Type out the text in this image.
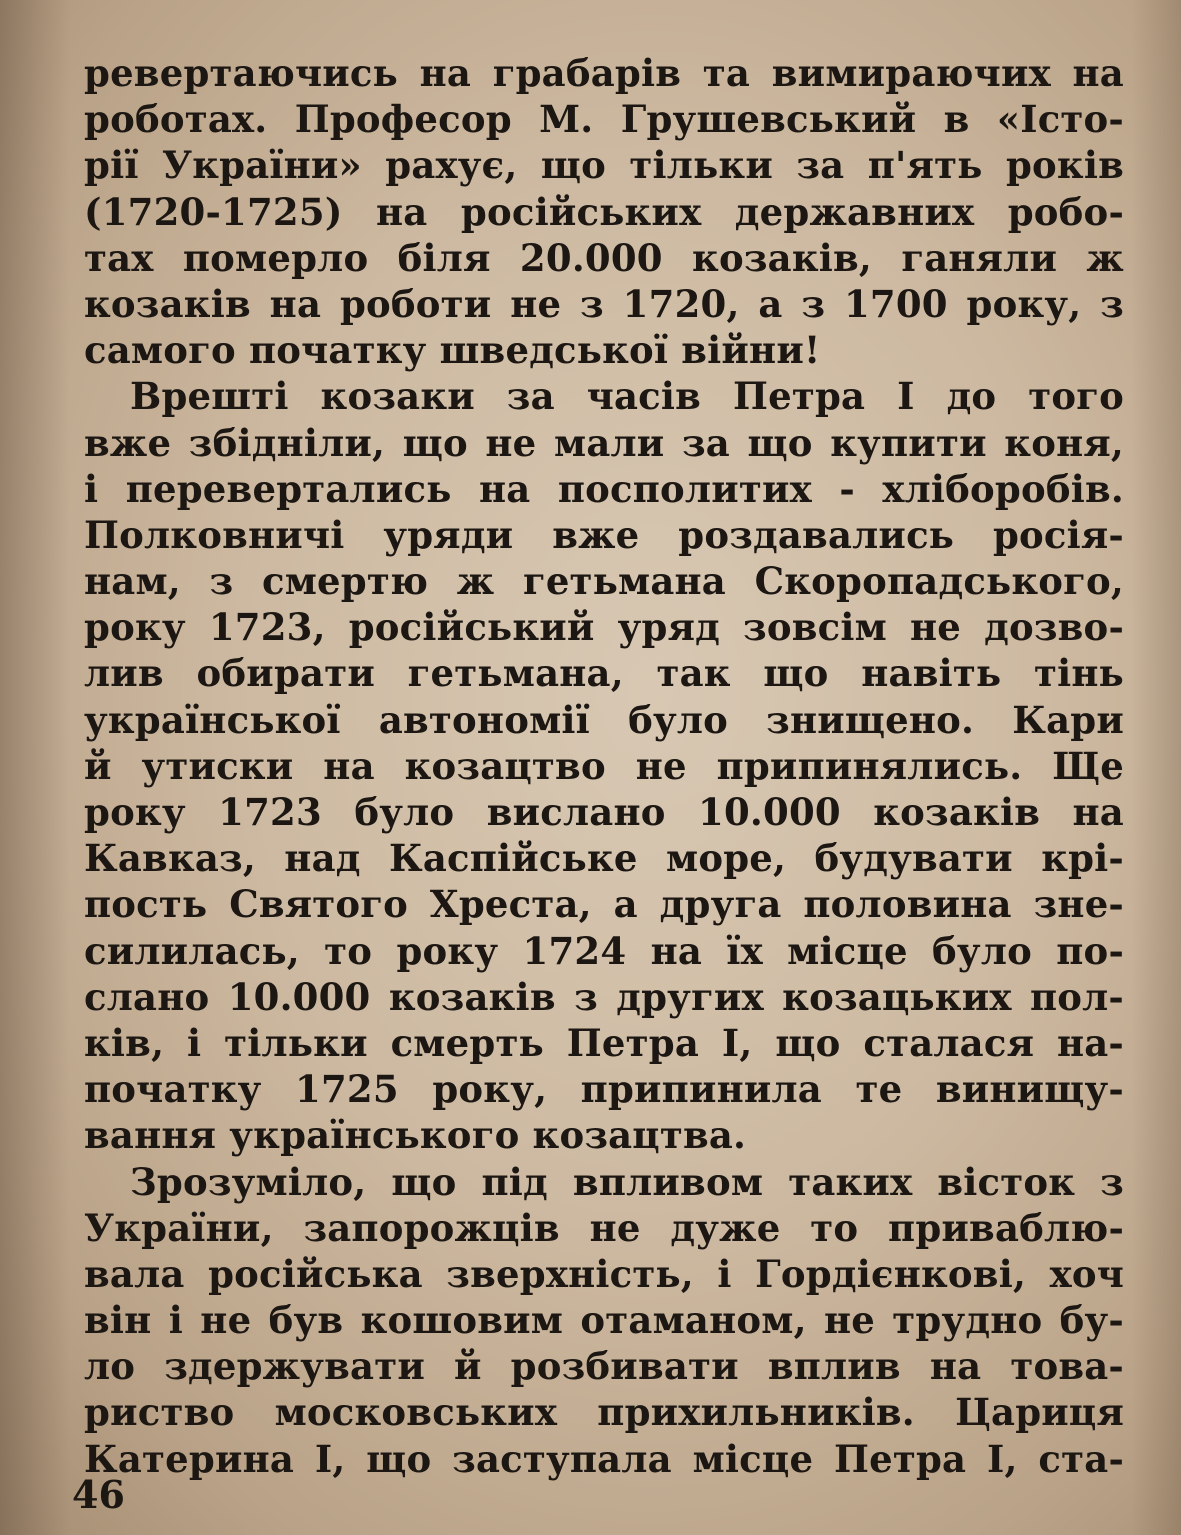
ревертаючись на грабарів та вимираючих на
роботах. Професор М. Грушевський в «Істо-
рії України» рахує, що тільки за п'ять років
(1720-1725) на російських державних робо-
тах померло біля 20.000 козаків, ганяли ж
козаків на роботи не з 1720, а з 1700 року, з
самого початку шведської війни!
Врешті козаки за часів Петра I до того
вже збідніли, що не мали за що купити коня,
і перевертались на посполитих - хліборобів.
Полковничі уряди вже роздавались росія-
нам, з смертю ж гетьмана Скоропадського,
року 1723, російський уряд зовсім не дозво-
лив обирати гетьмана, так що навіть тінь
української автономії було знищено. Кари
й утиски на козацтво не припинялись. Ще
року 1723 було вислано 10.000 козаків на
Кавказ, над Каспійське море, будувати крі-
пость Святого Хреста, а друга половина зне-
силилась, то року 1724 на їх місце було по-
слано 10.000 козаків з других козацьких пол-
ків, і тільки смерть Петра I, що сталася на-
початку 1725 року, припинила те винищу-
вання українського козацтва.
Зрозуміло, що під впливом таких вісток з
України, запорожців не дуже то приваблю-
вала російська зверхність, і Гордієнкові, хоч
він і не був кошовим отаманом, не трудно бу-
ло здержувати й розбивати вплив на товa-
риство московських прихильників. Цариця
Катерина I, що заступала місце Петра I, ста-
46
